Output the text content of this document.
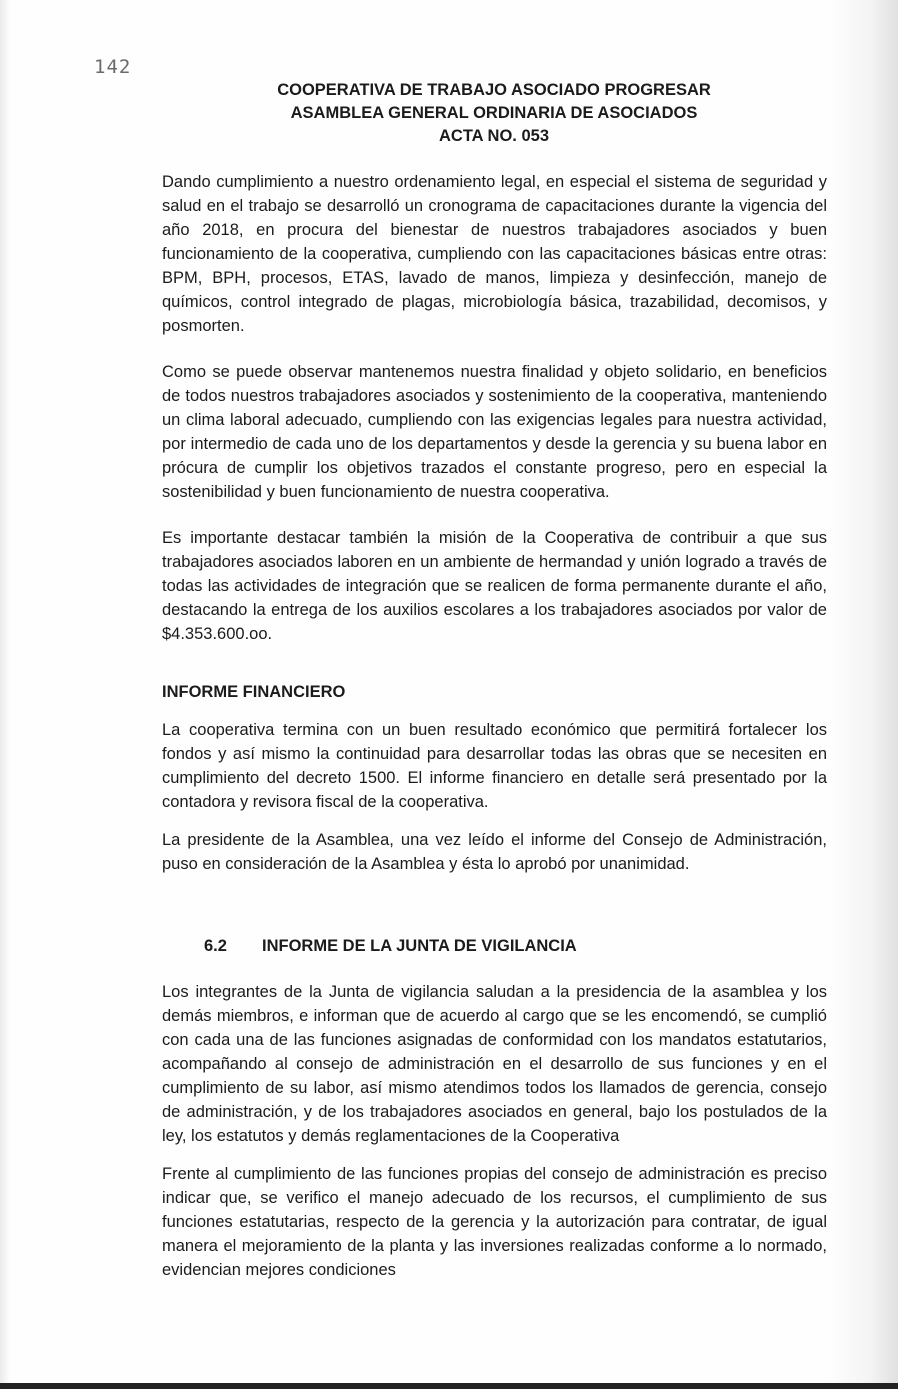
142
COOPERATIVA DE TRABAJO ASOCIADO PROGRESAR
ASAMBLEA GENERAL ORDINARIA DE ASOCIADOS
ACTA NO. 053

Dando cumplimiento a nuestro ordenamiento legal, en especial el sistema de seguridad y salud en el trabajo se desarrolló un cronograma de capacitaciones durante la vigencia del año 2018, en procura del bienestar de nuestros trabajadores asociados y buen funcionamiento de la cooperativa, cumpliendo con las capacitaciones básicas entre otras: BPM, BPH, procesos, ETAS, lavado de manos, limpieza y desinfección, manejo de químicos, control integrado de plagas, microbiología básica, trazabilidad, decomisos, y posmorten.

Como se puede observar mantenemos nuestra finalidad y objeto solidario, en beneficios de todos nuestros trabajadores asociados y sostenimiento de la cooperativa, manteniendo un clima laboral adecuado, cumpliendo con las exigencias legales para nuestra actividad, por intermedio de cada uno de los departamentos y desde la gerencia y su buena labor en prócura de cumplir los objetivos trazados el constante progreso, pero en especial la sostenibilidad y buen funcionamiento de nuestra cooperativa.

Es importante destacar también la misión de la Cooperativa de contribuir a que sus trabajadores asociados laboren en un ambiente de hermandad y unión logrado a través de todas las actividades de integración que se realicen de forma permanente durante el año, destacando la entrega de los auxilios escolares a los trabajadores asociados por valor de $4.353.600.oo.

INFORME FINANCIERO

La cooperativa termina con un buen resultado económico que permitirá fortalecer los fondos y así mismo la continuidad para desarrollar todas las obras que se necesiten en cumplimiento del decreto 1500. El informe financiero en detalle será presentado por la contadora y revisora fiscal de la cooperativa.

La presidente de la Asamblea, una vez leído el informe del Consejo de Administración, puso en consideración de la Asamblea y ésta lo aprobó por unanimidad.

6.2	INFORME DE LA JUNTA DE VIGILANCIA

Los integrantes de la Junta de vigilancia saludan a la presidencia de la asamblea y los demás miembros, e informan que de acuerdo al cargo que se les encomendó, se cumplió con cada una de las funciones asignadas de conformidad con los mandatos estatutarios, acompañando al consejo de administración en el desarrollo de sus funciones y en el cumplimiento de su labor, así mismo atendimos todos los llamados de gerencia, consejo de administración, y de los trabajadores asociados en general, bajo los postulados de la ley, los estatutos y demás reglamentaciones de la Cooperativa

Frente al cumplimiento de las funciones propias del consejo de administración es preciso indicar que, se verifico el manejo adecuado de los recursos, el cumplimiento de sus funciones estatutarias, respecto de la gerencia y la autorización para contratar, de igual manera el mejoramiento de la planta y las inversiones realizadas conforme a lo normado, evidencian mejores condiciones
